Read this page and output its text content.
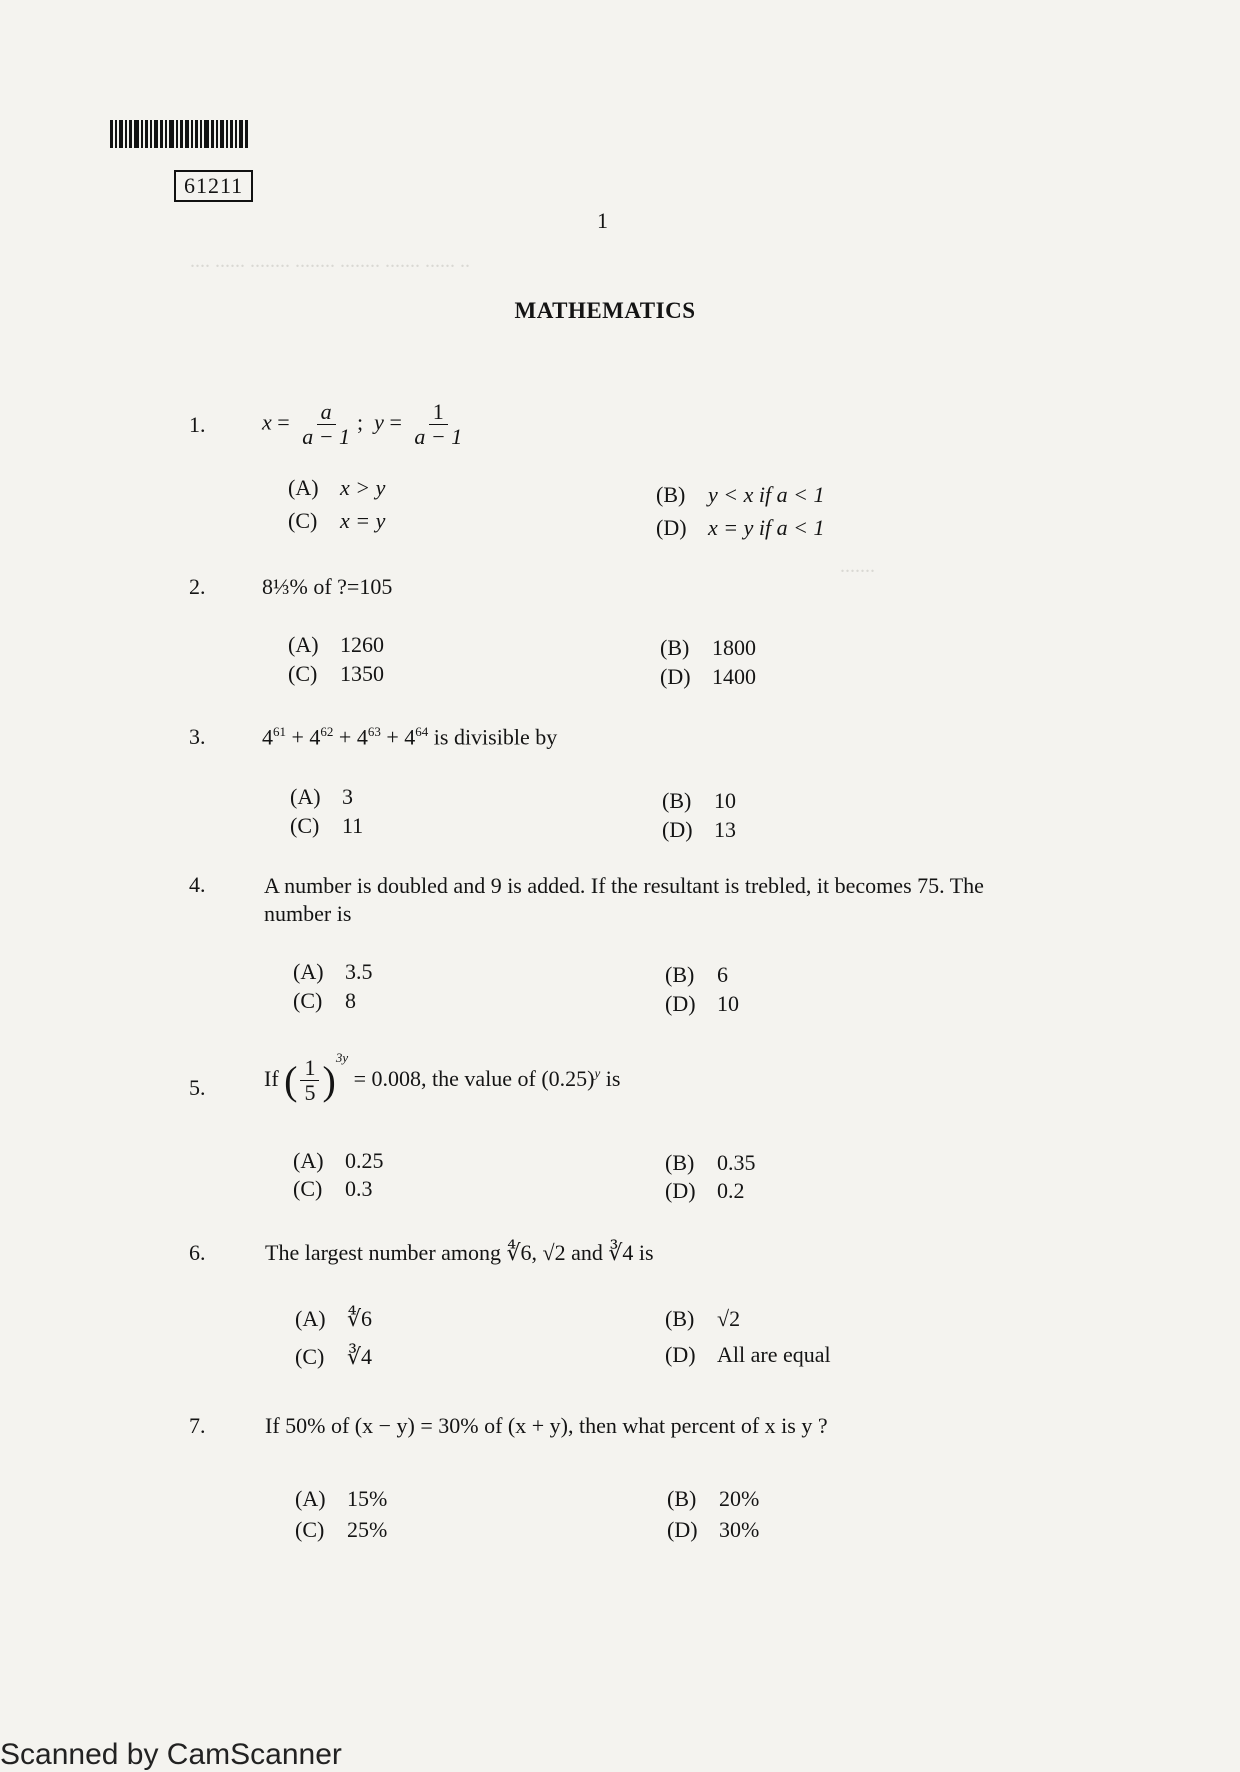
.... ...... ........ ........ ........ ....... ...... ..
.......
61211
1
MATHEMATICS
1.	$x = \frac{a}{a - 1}$ ;  $y = \frac{1}{a - 1}$
(A) x > y	(B) y < x if a < 1
(C) x = y	(D) x = y if a < 1
2.	8⅓% of ?=105
(A) 1260	(B) 1800
(C) 1350	(D) 1400
3.	$4^{61} + 4^{62} + 4^{63} + 4^{64}$ is divisible by
(A) 3	(B) 10
(C) 11	(D) 13
4.	A number is doubled and 9 is added. If the resultant is trebled, it becomes 75. The number is
(A) 3.5	(B) 6
(C) 8	(D) 10
5.	If ( $\frac{1}{5} )^{3y} = 0.008$, the value of $(0.25)^y$ is
(A) 0.25	(B) 0.35
(C) 0.3	(D) 0.2
6.	The largest number among ∜6, √2 and ∛4 is
(A) ∜6	(B) √2
(C) ∛4	(D) All are equal
7.	If 50% of (x − y) = 30% of (x + y), then what percent of x is y ?
(A) 15%	(B) 20%
(C) 25%	(D) 30%
Scanned by CamScanner
